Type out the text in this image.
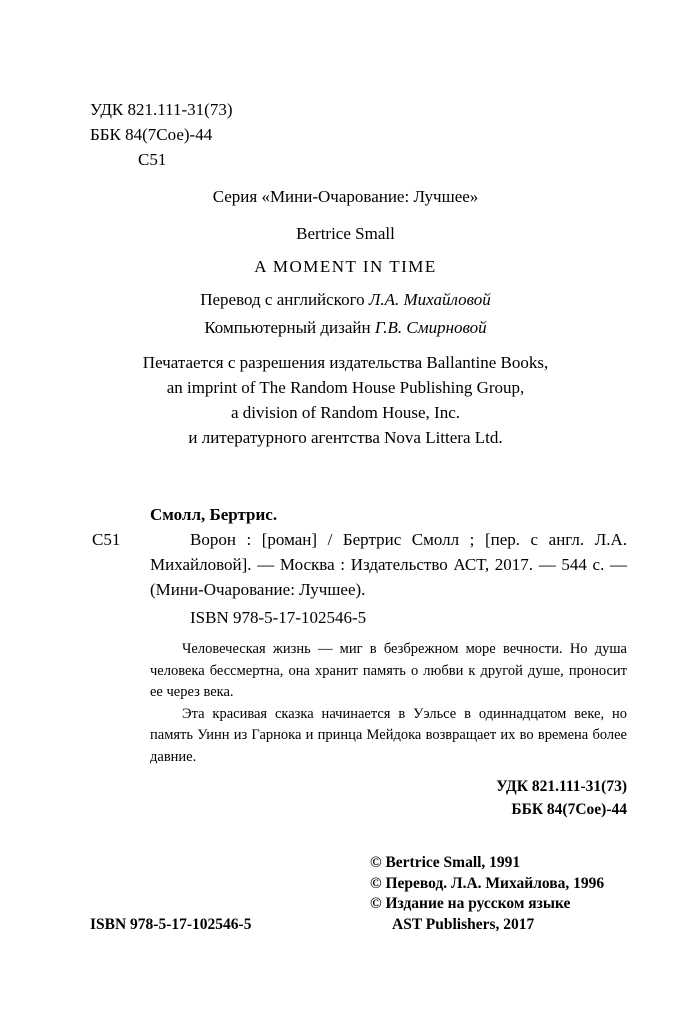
УДК 821.111-31(73)
ББК 84(7Сое)-44
С51
Серия «Мини-Очарование: Лучшее»
Bertrice Small
A MOMENT IN TIME
Перевод с английского Л.А. Михайловой
Компьютерный дизайн Г.В. Смирновой
Печатается с разрешения издательства Ballantine Books,
an imprint of The Random House Publishing Group,
a division of Random House, Inc.
и литературного агентства Nova Littera Ltd.
Смолл, Бертрис.
С51	Ворон : [роман] / Бертрис Смолл ; [пер. с англ. Л.А. Михайловой]. — Москва : Издательство АСТ, 2017. — 544 с. — (Мини-Очарование: Лучшее).

ISBN 978-5-17-102546-5

Человеческая жизнь — миг в безбрежном море вечности. Но душа человека бессмертна, она хранит память о любви к другой душе, проносит ее через века.

Эта красивая сказка начинается в Уэльсе в одиннадцатом веке, но память Уинн из Гарнока и принца Мейдока возвращает их во времена более давние.

УДК 821.111-31(73)
ББК 84(7Сое)-44
© Bertrice Small, 1991
© Перевод. Л.А. Михайлова, 1996
© Издание на русском языке
AST Publishers, 2017
ISBN 978-5-17-102546-5
